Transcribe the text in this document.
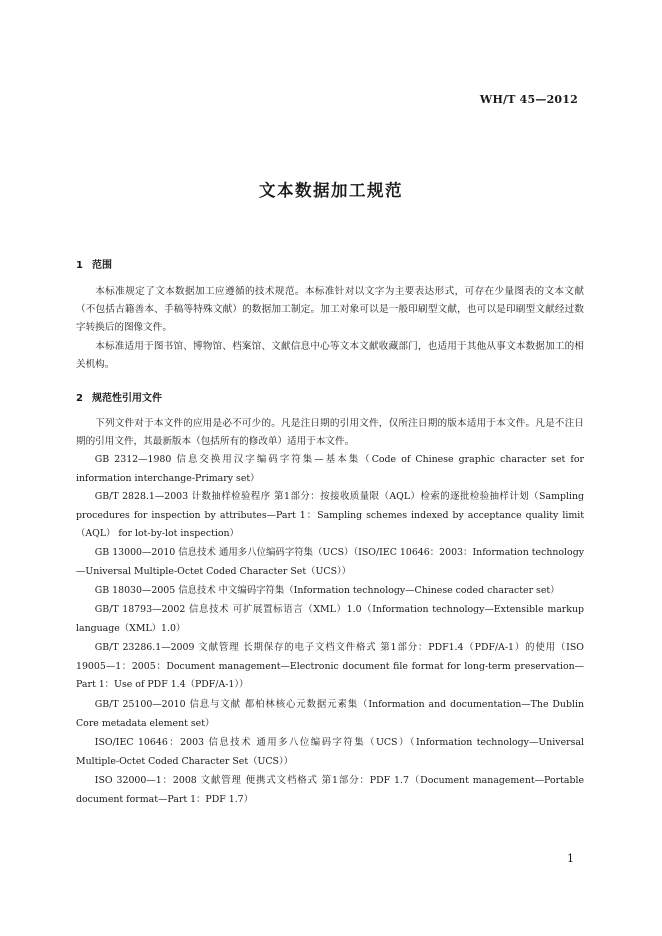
WH/T 45—2012
文本数据加工规范
1 范围

本标准规定了文本数据加工应遵循的技术规范。本标准针对以文字为主要表达形式，可存在少量图表的文本文献（不包括古籍善本、手稿等特殊文献）的数据加工制定。加工对象可以是一般印刷型文献，也可以是印刷型文献经过数字转换后的图像文件。

本标准适用于图书馆、博物馆、档案馆、文献信息中心等文本文献收藏部门，也适用于其他从事文本数据加工的相关机构。

2 规范性引用文件

下列文件对于本文件的应用是必不可少的。凡是注日期的引用文件，仅所注日期的版本适用于本文件。凡是不注日期的引用文件，其最新版本（包括所有的修改单）适用于本文件。

GB 2312—1980 信息交换用汉字编码字符集—基本集（Code of Chinese graphic character set for information interchange-Primary set）

GB/T 2828.1—2003 计数抽样检验程序 第1部分：按接收质量限（AQL）检索的逐批检验抽样计划（Sampling procedures for inspection by attributes—Part 1：Sampling schemes indexed by acceptance quality limit（AQL） for lot-by-lot inspection）

GB 13000—2010 信息技术 通用多八位编码字符集（UCS）（ISO/IEC 10646：2003：Information technology—Universal Multiple-Octet Coded Character Set（UCS））

GB 18030—2005 信息技术 中文编码字符集（Information technology—Chinese coded character set）

GB/T 18793—2002 信息技术 可扩展置标语言（XML）1.0（Information technology—Extensible markup language（XML）1.0）

GB/T 23286.1—2009 文献管理 长期保存的电子文档文件格式 第1部分：PDF1.4（PDF/A-1）的使用（ISO 19005—1：2005：Document management—Electronic document file format for long-term preservation—Part 1：Use of PDF 1.4（PDF/A-1））

GB/T 25100—2010 信息与文献 都柏林核心元数据元素集（Information and documentation—The Dublin Core metadata element set）

ISO/IEC 10646：2003 信息技术 通用多八位编码字符集（UCS）（Information technology—Universal Multiple-Octet Coded Character Set（UCS））

ISO 32000—1：2008 文献管理 便携式文档格式 第1部分：PDF 1.7（Document management—Portable document format—Part 1：PDF 1.7）

1
